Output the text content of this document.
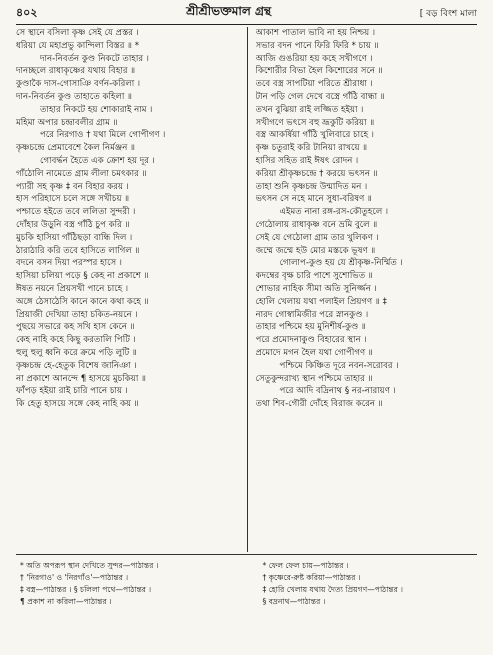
৪০২	শ্রীশ্রীভক্তমাল গ্রন্থ	[ বড় বিংশ মালা
সে স্থানে বসিলা কৃষ্ণ সেই যে প্রস্তর ।
ধরিয়া যে মহাপ্রভু কান্দিলা বিস্তর ॥ *
দান-নিবর্তন কুণ্ড নিকটে তাহার ।
দানচ্ছলে রাধাকৃষ্ণের যথায় বিহার ॥
কুণ্ডাকৈ দাস-গোসাঞি বর্ণন-করিলা ।
দান-নিবর্তন কুণ্ড তাহাতে কহিলা ॥
তাহার নিকটে হয় শোকারাই নাম ।
মহিমা অপার চন্দ্রাবলীর গ্রাম ॥
পরে নিরগাও † যথা মিলে গোপীগণ ।
কৃষ্ণচন্দ্রে প্রেমাবেশে কৈল নির্মঞ্জন ॥
গোবর্দ্ধন হৈতে এক ক্রোশ হয় দূর ।
গাঁঠোলি নামেতে গ্রাম লীলা চমৎকার ॥
প্যারী সহ কৃষ্ণ ‡ বন বিহার করয় ।
হাস পরিহাসে চলে সঙ্গে সখীচয় ॥
পশ্চাতে হইতে তবে ললিতা সুন্দরী ।
দোঁহার উড়ুনি বস্ত্র গাঁঠি চুপ করি ॥
মুচকি হাসিয়া গাঁঠিছড়া বান্ধি দিল ।
ঠারাঠারি করি তবে হাসিতে লাগিল ॥
বদনে বসন দিয়া পরস্পর হাসে ।
হাসিয়া চলিয়া পড়ে § কেহ না প্রকাশে ॥
ঈষত নয়নে প্রিয়সখী পানে চাহে ।
অঙ্গে ঠেসাঠেসি কানে কানে কথা কহে ॥
প্রিয়াজী দেখিয়া তাহা চকিত-নয়নে ।
পুছয়ে সভারে কহ সখি হাস কেনে ॥
কেহ নাহি কহে কিছু করতালি পিটি ।
হুলু হুলু ধ্বনি করে ক্রমে পড়ি লুটি ॥
কৃষ্ণচন্দ্র হে-হেতুক বিশেষ জানিঞা ।
না প্রকাশে আনন্দে ¶ হাসয়ে মুচকিয়া ॥
ফাঁপড় হইয়া রাই চারি পানে চায় ।
কি হেতু হাসয়ে সঙ্গে কেহ নাহি কয় ॥
আকাশ পাতাল ভাবি না হয় নিশ্চয় ।
সভার বদন পানে ফিরি ফিরি * চায় ॥
আজি গুঙরিয়া হয় কহে সখীগণে ।
কিশোরীর বিভা হৈল কিশোরের সনে ॥
তবে বস্ত্র সাপটিয়া পরিতে শ্রীরাধা ।
টান পড়ি গেল দেখে বস্ত্রে গাঁঠি বান্ধা ॥
তখন বুঝিয়া রাই লজ্জিত হইয়া ।
সখীগণে ভৎসে বহু ভ্রূকুটি করিয়া ॥
বস্ত্র আকর্ষিয়া গাঁঠি খুলিবারে চাহে ।
কৃষ্ণ চতুরাই করি টানিয়া রাখয়ে ॥
হাসির সহিত রাই ঈষৎ রোদন ।
করিয়া শ্রীকৃষ্ণচন্দ্রে † করয়ে ভৎসন ॥
তাহা শুনি কৃষ্ণচন্দ্র উন্মাদিত মন ।
ভৎসন সে নহে মানে সুধা-বরিষণ ॥
এইমত নানা রঙ্গ-রস-কৌতুহলে ।
গেঠোলায় রাধাকৃষ্ণ বনে ভ্রমি বুলে ॥
সেই যে গেঠোলা গ্রাম তার খুলিকণ ।
জম্মে জম্মে হউ মোর মস্তকে ভূষণ ॥
গোলাপ-কুণ্ড হয় যে শ্রীকৃষ্ণ-নির্ম্মিত ।
কদম্বের বৃক্ষ চারি পাশে সুশোভিত ॥
শোভার নাহিক সীমা অতি সুনির্জ্জন ।
হোলি খেলায় যথা পলাইল প্রিয়গণ ॥ ‡
নারদ গোস্বামিজীর পরে স্নানকুণ্ড ।
তাহার পশ্চিমে হয় মুনিশীর্ষ-কুণ্ড ॥
পরে প্রমোদনাকুণ্ড বিহারের স্থান ।
প্রমোদে মগন হৈল যথা গোপীগণ ॥
পশ্চিমে কিঞ্চিত দূরে নবন-সরোবর ।
সেতুকুন্দরাখ্য স্থান পশ্চিমে তাহার ॥
পরে আদি বদ্রিনাথ § নর-নারায়ণ ।
তথা শিব-গৌরী দোঁহে বিরাজ করেন ॥
* অতি অপরূপ স্থান দেখিতে সুন্দর—পাঠান্তর ।
† 'নিরগাও' ও 'নিরগাঁও'—পাঠান্তর ।
‡ বস্ত্র—পাঠান্তর । § চলিলা পথে—পাঠান্তর ।
¶ প্রকাশ না করিলা—পাঠান্তর ।
* ফেল ফেল চায়—পাঠান্তর ।
† কৃষ্ণেরে-রুষ্ট করিয়া—পাঠান্তর ।
‡ হোরি খেলায় যথায় দৈত্য প্রিয়গণ—পাঠান্তর ।
§ বদ্রনাথ—পাঠান্তর ।
